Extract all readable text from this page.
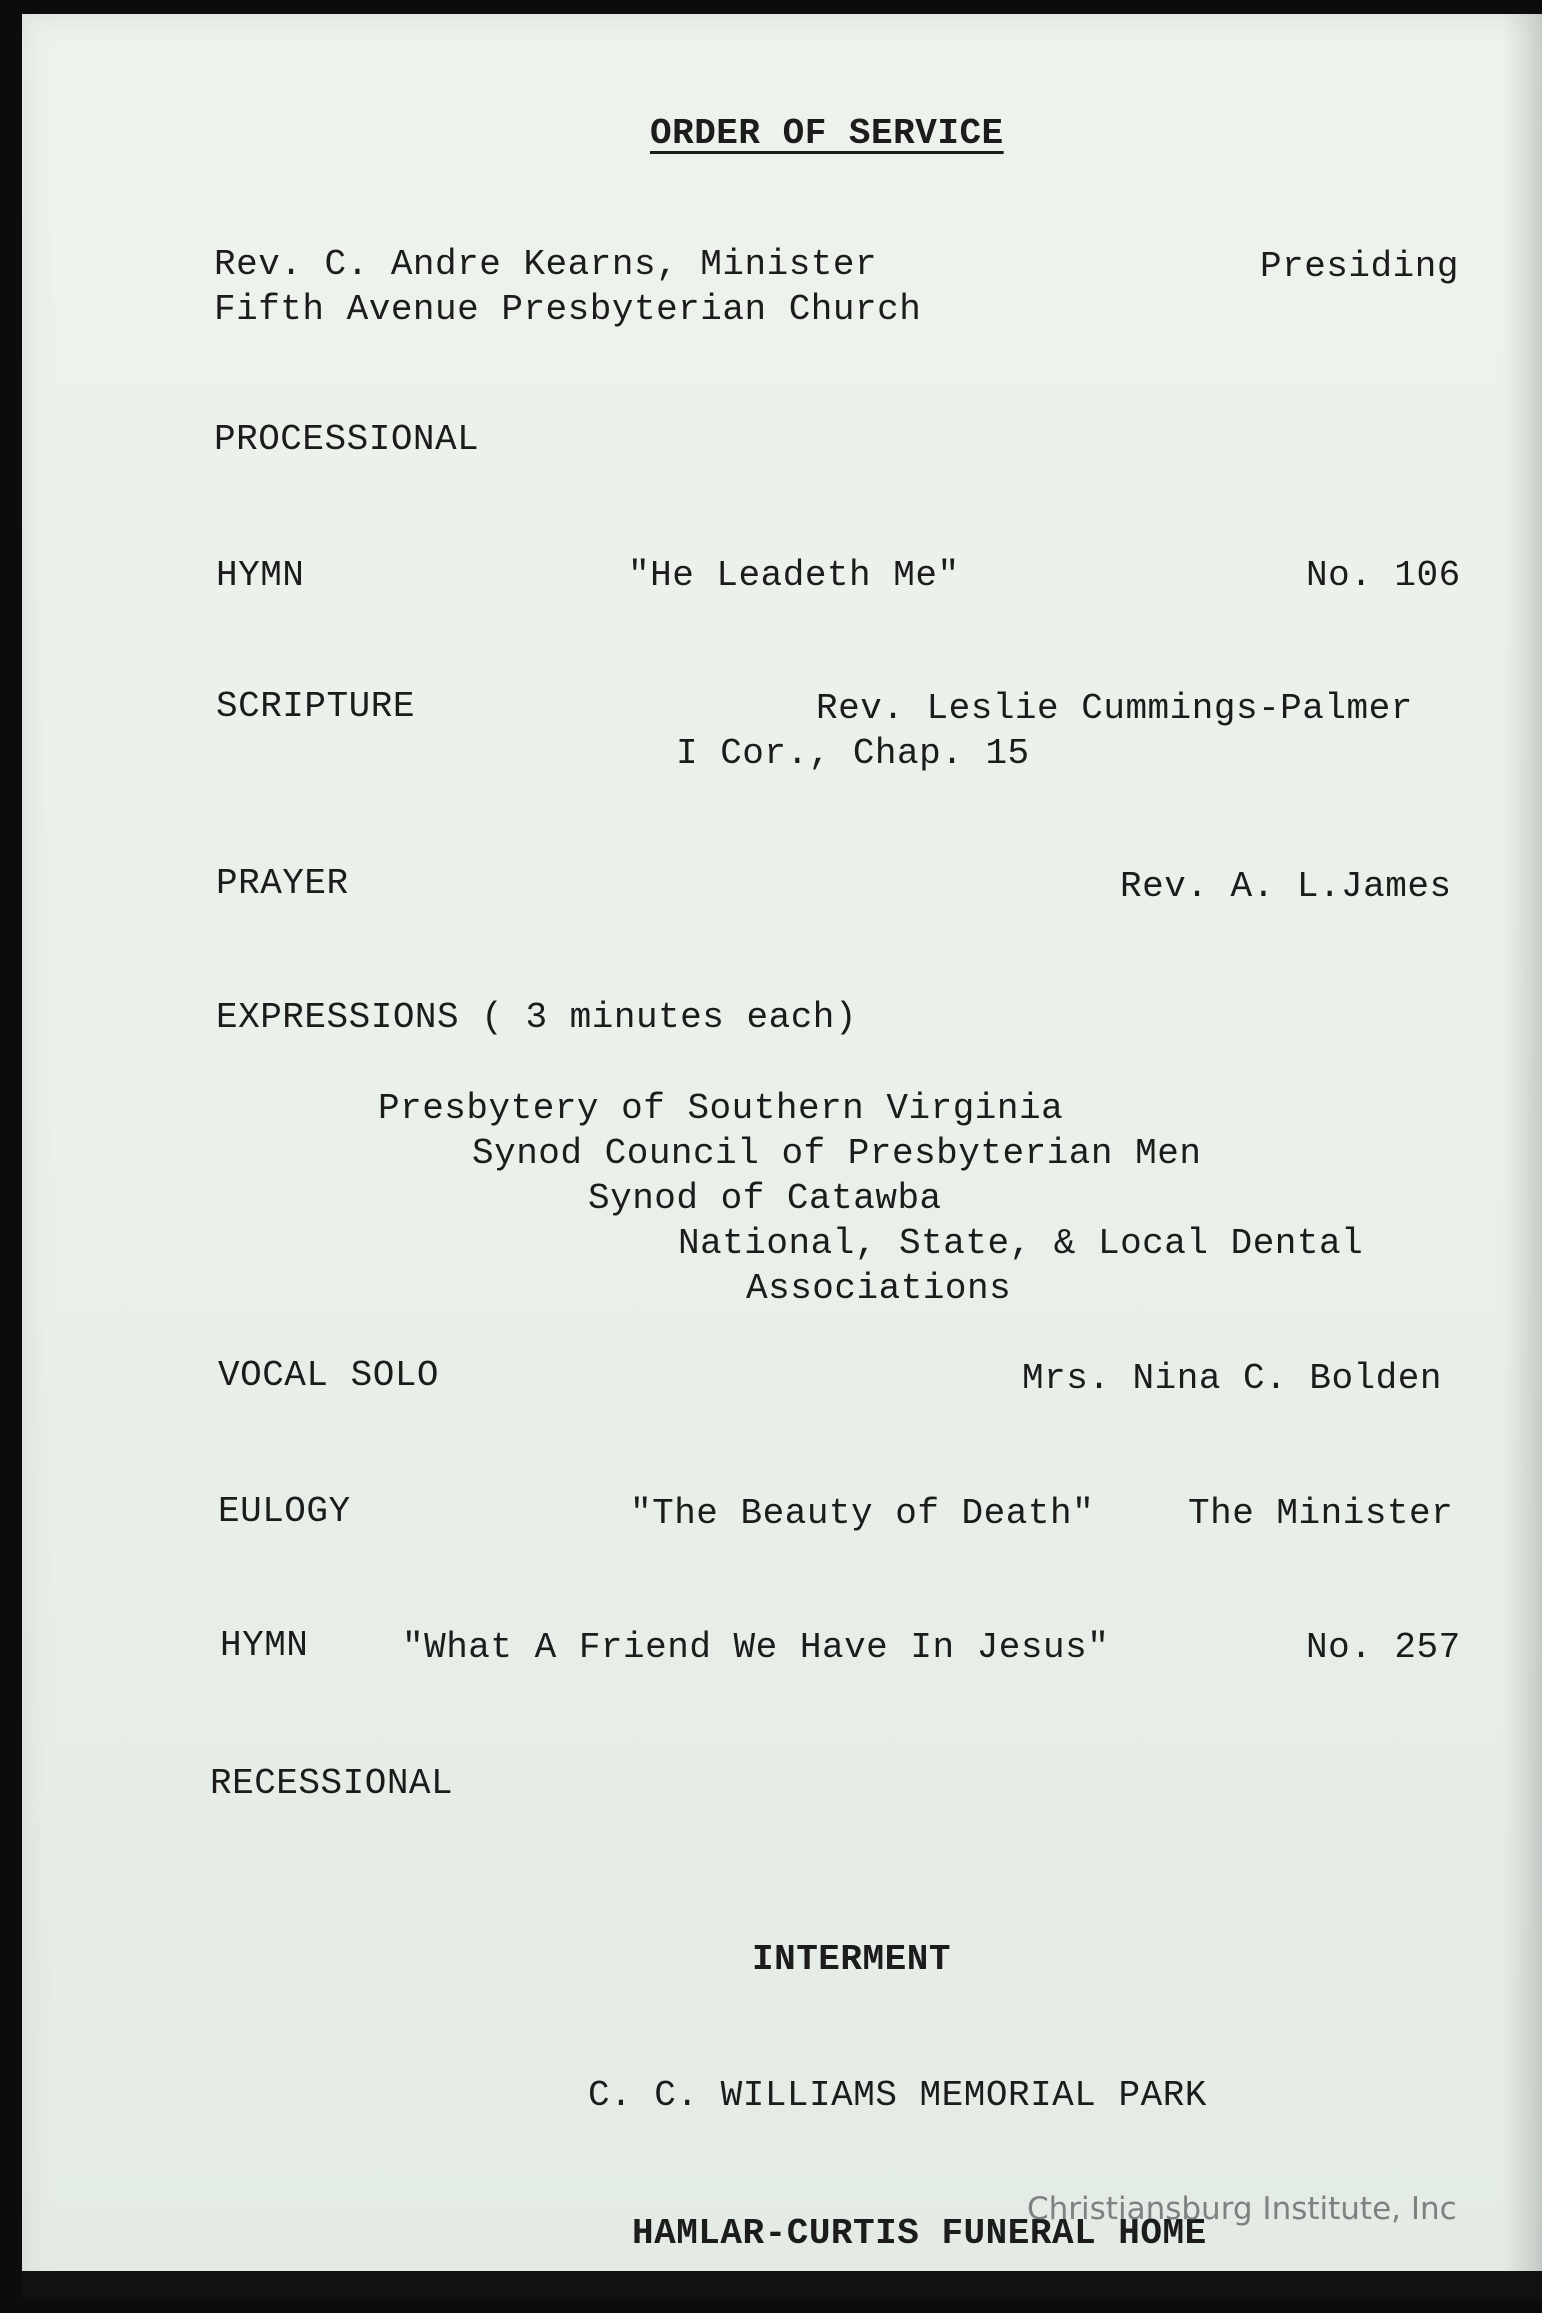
ORDER OF SERVICE
Rev. C. Andre Kearns, Minister	Presiding
Fifth Avenue Presbyterian Church
PROCESSIONAL
HYMN	"He Leadeth Me"	No. 106
SCRIPTURE	Rev. Leslie Cummings-Palmer
I Cor., Chap. 15
PRAYER	Rev. A. L.James
EXPRESSIONS ( 3 minutes each)
Presbytery of Southern Virginia
Synod Council of Presbyterian Men
Synod of Catawba
National, State, & Local Dental
Associations
VOCAL SOLO	Mrs. Nina C. Bolden
EULOGY	"The Beauty of Death"	The Minister
HYMN	"What A Friend We Have In Jesus"	No. 257
RECESSIONAL
INTERMENT
C. C. WILLIAMS MEMORIAL PARK
HAMLAR-CURTIS FUNERAL HOME
Christiansburg Institute, Inc
